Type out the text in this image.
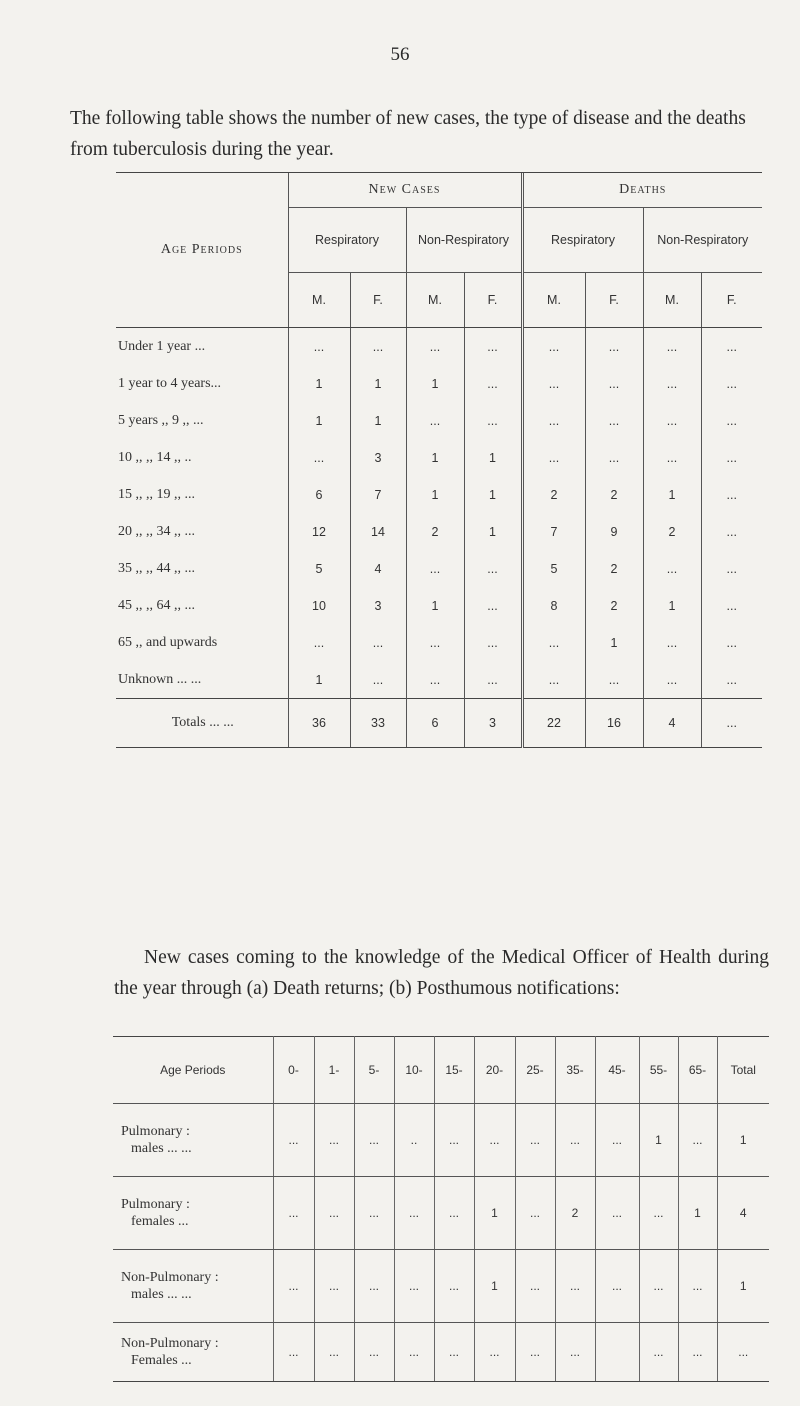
56
The following table shows the number of new cases, the type of disease and the deaths from tuberculosis during the year.

Age Periods	New Cases				Deaths			
	Respiratory		Non-Respiratory		Respiratory		Non-Respiratory	
	M.	F.	M.	F.	M.	F.	M.	F.
Under 1 year ...	...	...	...	...	...	...	...	...
1 year to 4 years...	1	1	1	...	...	...	...	...
5 years ,, 9 ,, ...	1	1	...	...	...	...	...	...
10 ,, ,, 14 ,, ..	...	3	1	1	...	...	...	...
15 ,, ,, 19 ,, ...	6	7	1	1	2	2	1	...
20 ,, ,, 34 ,, ...	12	14	2	1	7	9	2	...
35 ,, ,, 44 ,, ...	5	4	...	...	5	2	...	...
45 ,, ,, 64 ,, ...	10	3	1	...	8	2	1	...
65 ,, and upwards	...	...	...	...	...	1	...	...
Unknown ... ...	1	...	...	...	...	...	...	...
Totals ... ...	36	33	6	3	22	16	4	...
New cases coming to the knowledge of the Medical Officer of Health during the year through (a) Death returns; (b) Posthumous notifications:
Age Periods	0-	1-	5-	10-	15-	20-	25-	35-	45-	55-	65-	Total

Pulmonary :
males ... ...	...	...	...	..	...	...	...	...	...	1	...	1

Pulmonary :
females ...	...	...	...	...	...	1	...	2	...	...	1	4

Non-Pulmonary :
males ... ...	...	...	...	...	...	1	...	...	...	...	...	1

Non-Pulmonary :
Females ...	...	...	...	...	...	...	...	...		...	...	...
